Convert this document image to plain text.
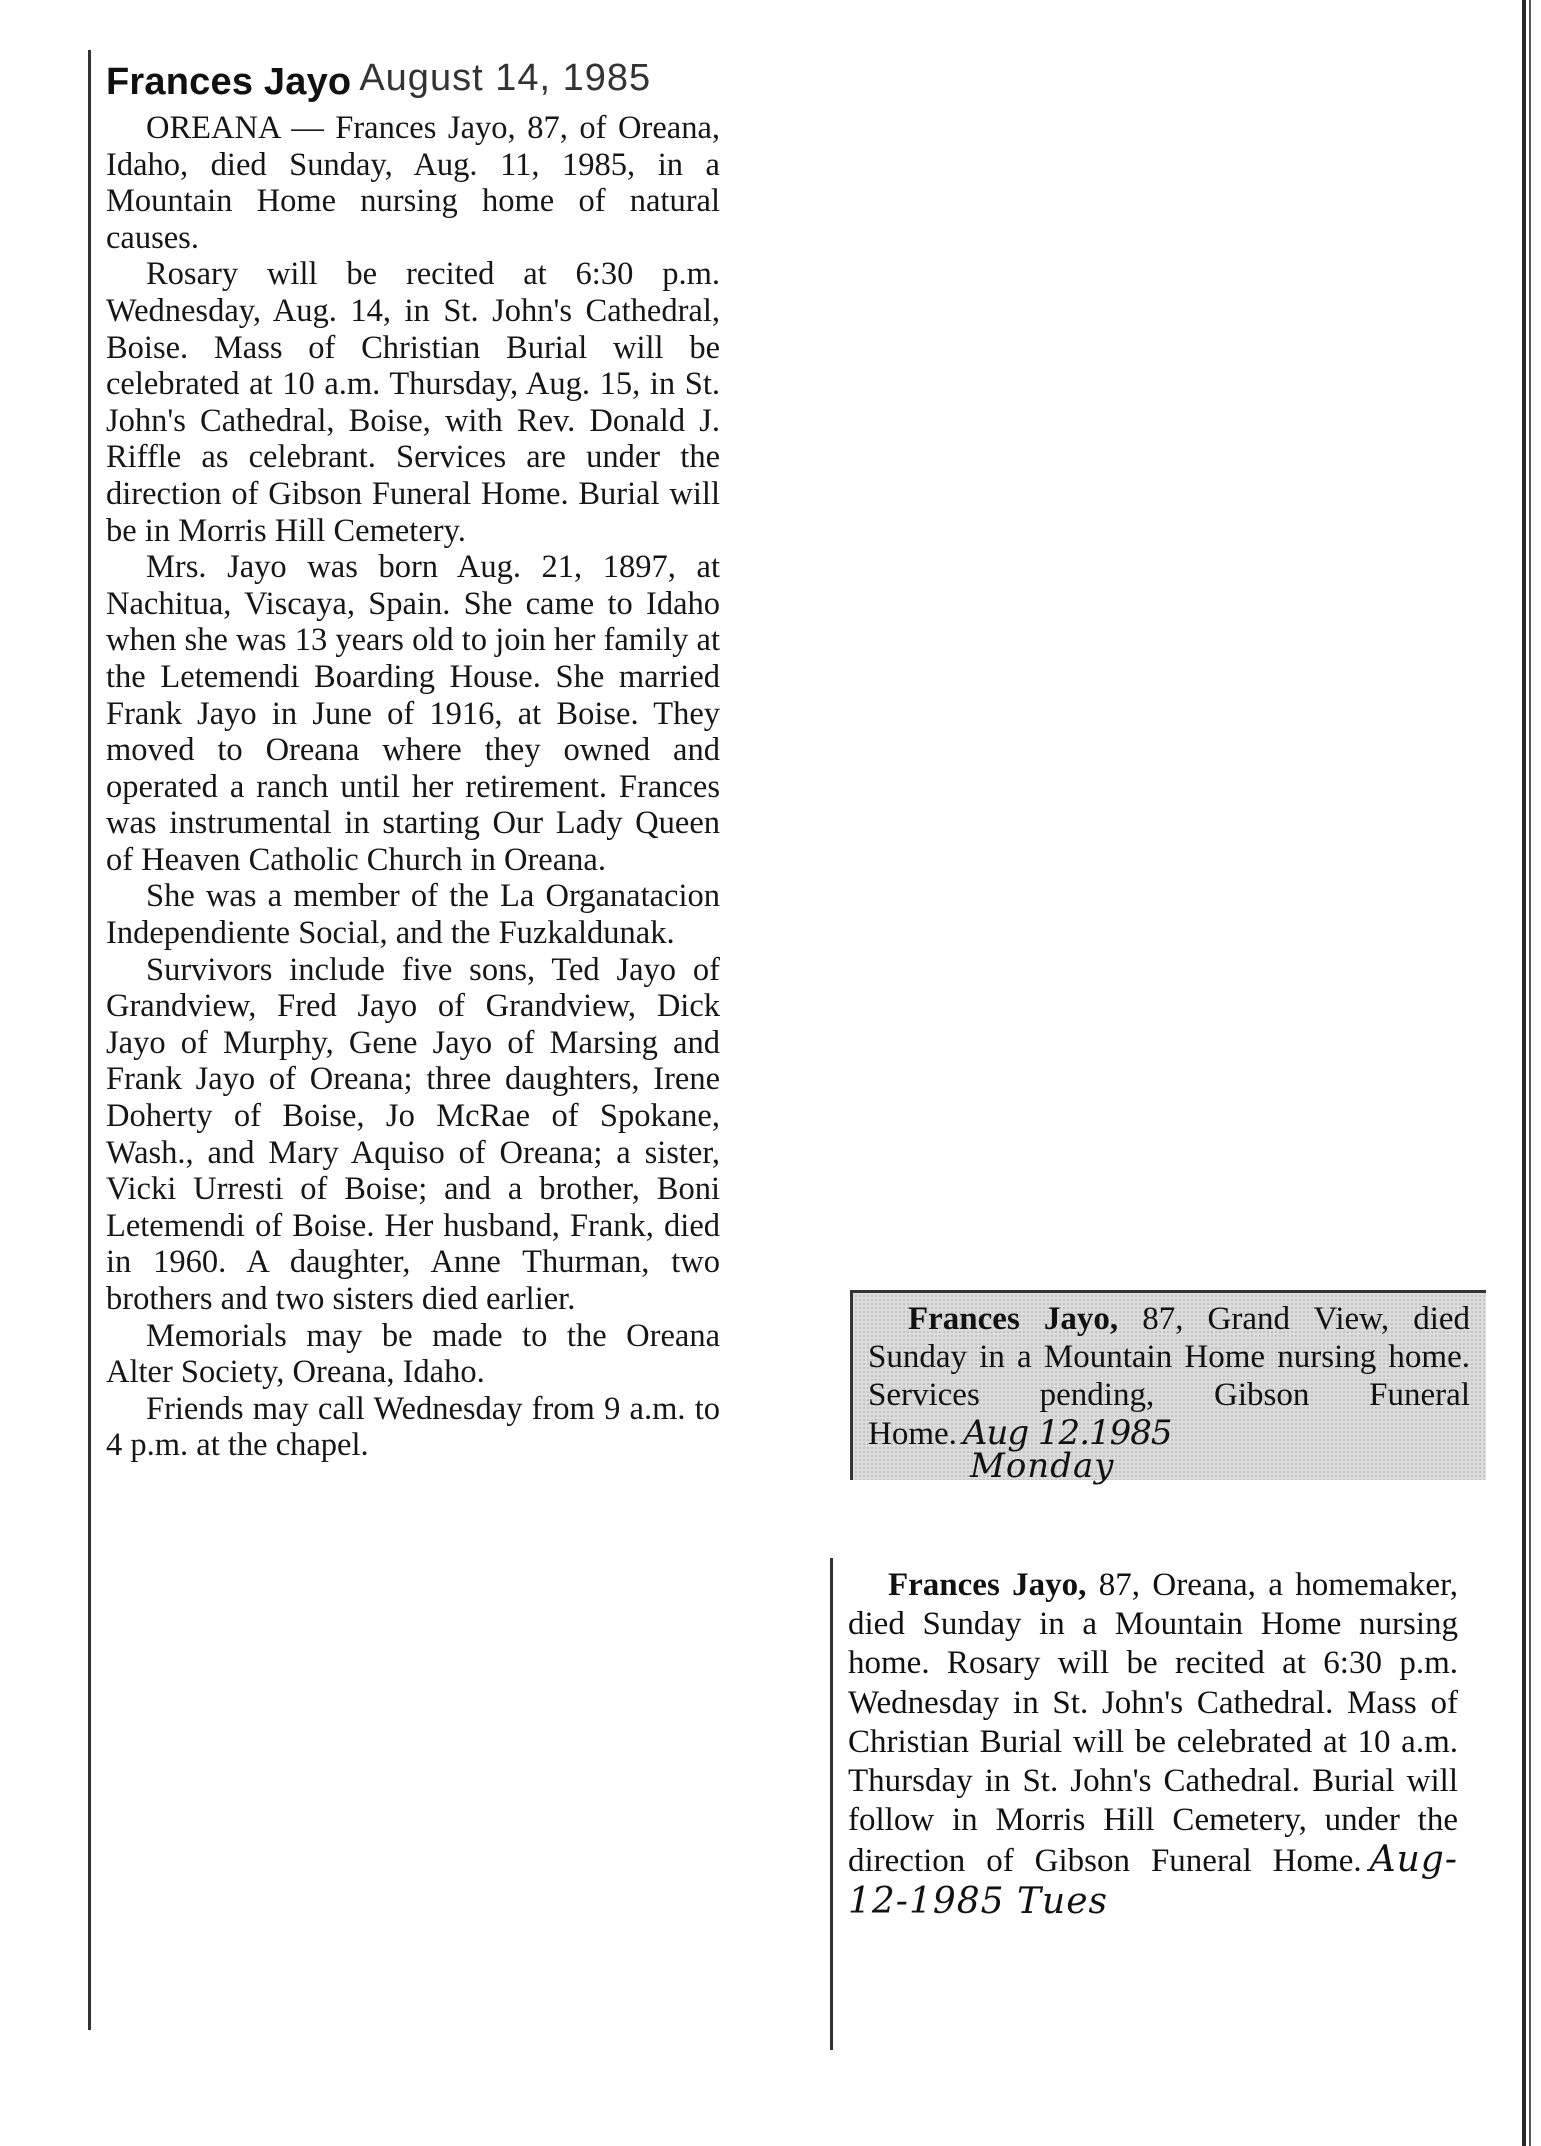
Frances Jayo August 14, 1985

OREANA — Frances Jayo, 87, of Oreana, Idaho, died Sunday, Aug. 11, 1985, in a Mountain Home nursing home of natural causes.

Rosary will be recited at 6:30 p.m. Wednesday, Aug. 14, in St. John's Cathedral, Boise. Mass of Christian Burial will be celebrated at 10 a.m. Thursday, Aug. 15, in St. John's Cathedral, Boise, with Rev. Donald J. Riffle as celebrant. Services are under the direction of Gibson Funeral Home. Burial will be in Morris Hill Cemetery.

Mrs. Jayo was born Aug. 21, 1897, at Nachitua, Viscaya, Spain. She came to Idaho when she was 13 years old to join her family at the Letemendi Boarding House. She married Frank Jayo in June of 1916, at Boise. They moved to Oreana where they owned and operated a ranch until her retirement. Frances was instrumental in starting Our Lady Queen of Heaven Catholic Church in Oreana.

She was a member of the La Organatacion Independiente Social, and the Fuzkaldunak.

Survivors include five sons, Ted Jayo of Grandview, Fred Jayo of Grandview, Dick Jayo of Murphy, Gene Jayo of Marsing and Frank Jayo of Oreana; three daughters, Irene Doherty of Boise, Jo McRae of Spokane, Wash., and Mary Aquiso of Oreana; a sister, Vicki Urresti of Boise; and a brother, Boni Letemendi of Boise. Her husband, Frank, died in 1960. A daughter, Anne Thurman, two brothers and two sisters died earlier.

Memorials may be made to the Oreana Alter Society, Oreana, Idaho.

Friends may call Wednesday from 9 a.m. to 4 p.m. at the chapel.

Frances Jayo, 87, Grand View, died Sunday in a Mountain Home nursing home. Services pending, Gibson Funeral Home. Aug 12.1985

Monday

Frances Jayo, 87, Oreana, a homemaker, died Sunday in a Mountain Home nursing home. Rosary will be recited at 6:30 p.m. Wednesday in St. John's Cathedral. Mass of Christian Burial will be celebrated at 10 a.m. Thursday in St. John's Cathedral. Burial will follow in Morris Hill Cemetery, under the direction of Gibson Funeral Home. Aug-12-1985 Tues
